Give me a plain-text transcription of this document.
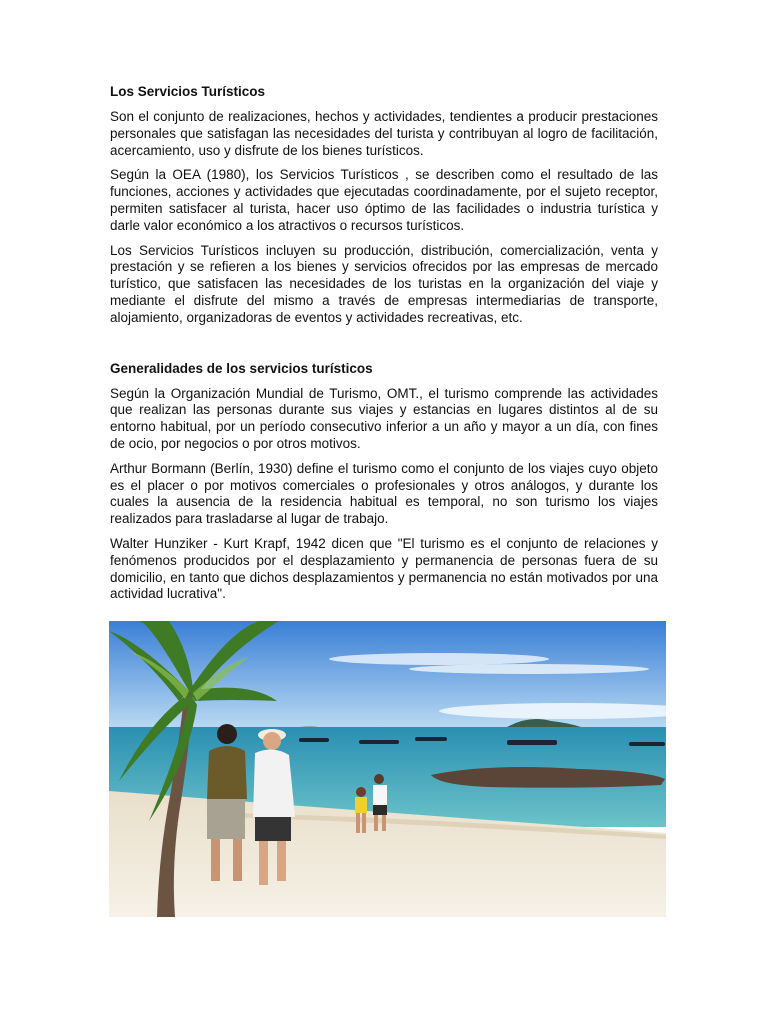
Los Servicios Turísticos

Son el conjunto de realizaciones, hechos y actividades, tendientes a producir prestaciones personales que satisfagan las necesidades del turista y contribuyan al logro de facilitación, acercamiento, uso y disfrute de los bienes turísticos.

Según la OEA (1980), los Servicios Turísticos , se describen como el resultado de las funciones, acciones y actividades que ejecutadas coordinadamente, por el sujeto receptor, permiten satisfacer al turista, hacer uso óptimo de las facilidades o industria turística y darle valor económico a los atractivos o recursos turísticos.

Los Servicios Turísticos incluyen su producción, distribución, comercialización, venta y prestación y se refieren a los bienes y servicios ofrecidos por las empresas de mercado turístico, que satisfacen las necesidades de los turistas en la organización del viaje y mediante el disfrute del mismo a través de empresas intermediarias de transporte, alojamiento, organizadoras de eventos y actividades recreativas, etc.

Generalidades de los servicios turísticos

Según la Organización Mundial de Turismo, OMT., el turismo comprende las actividades que realizan las personas durante sus viajes y estancias en lugares distintos al de su entorno habitual, por un período consecutivo inferior a un año y mayor a un día, con fines de ocio, por negocios o por otros motivos.

Arthur Bormann (Berlín, 1930) define el turismo como el conjunto de los viajes cuyo objeto es el placer o por motivos comerciales o profesionales y otros análogos, y durante los cuales la ausencia de la residencia habitual es temporal, no son turismo los viajes realizados para trasladarse al lugar de trabajo.

Walter Hunziker - Kurt Krapf, 1942 dicen que "El turismo es el conjunto de relaciones y fenómenos producidos por el desplazamiento y permanencia de personas fuera de su domicilio, en tanto que dichos desplazamientos y permanencia no están motivados por una actividad lucrativa".
